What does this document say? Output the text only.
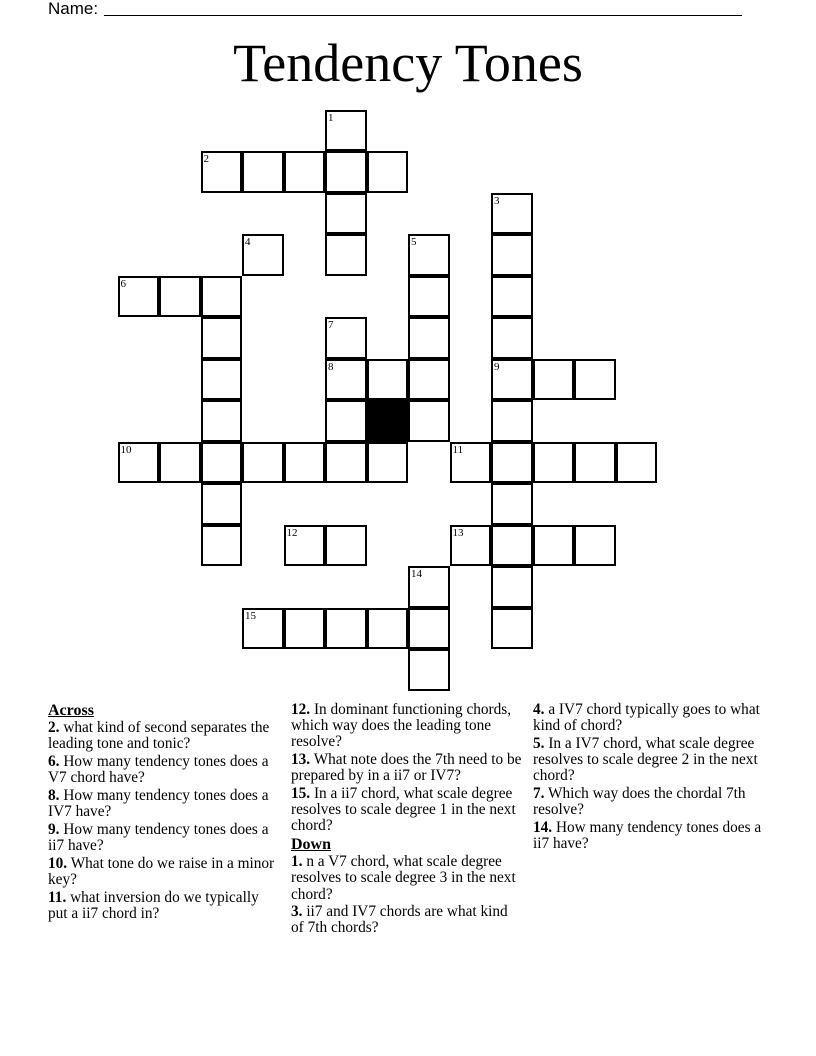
Name:
Tendency Tones
1
2
3
4	5
6
7
8	9
10	11
12	13
14
15
Across
2. what kind of second separates the leading tone and tonic?
6. How many tendency tones does a V7 chord have?
8. How many tendency tones does a IV7 have?
9. How many tendency tones does a ii7 have?
10. What tone do we raise in a minor key?
11. what inversion do we typically put a ii7 chord in?
12. In dominant functioning chords, which way does the leading tone resolve?
13. What note does the 7th need to be prepared by in a ii7 or IV7?
15. In a ii7 chord, what scale degree resolves to scale degree 1 in the next chord?
Down
1. n a V7 chord, what scale degree resolves to scale degree 3 in the next chord?
3. ii7 and IV7 chords are what kind of 7th chords?
4. a IV7 chord typically goes to what kind of chord?
5. In a IV7 chord, what scale degree resolves to scale degree 2 in the next chord?
7. Which way does the chordal 7th resolve?
14. How many tendency tones does a ii7 have?
